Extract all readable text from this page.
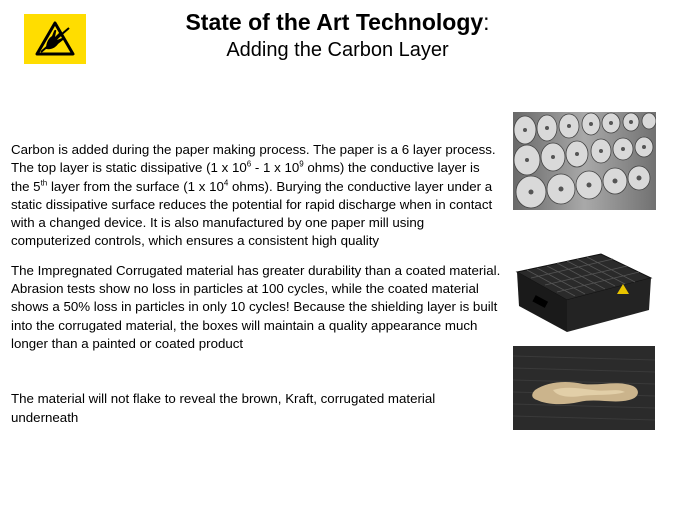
State of the Art Technology:
Adding the Carbon Layer

Carbon is added during the paper making process. The paper is a 6 layer process. The top layer is static dissipative (1 x $10^6 - 1$ x $10^9$ ohms) the conductive layer is the 5th layer from the surface (1 x $10^4$ ohms). Burying the conductive layer under a static dissipative surface reduces the potential for rapid discharge when in contact with a changed device. It is also manufactured by one paper mill using computerized controls, which ensures a consistent high quality

The Impregnated Corrugated material has greater durability than a coated material. Abrasion tests show no loss in particles at 100 cycles, while the coated material shows a 50% loss in particles in only 10 cycles! Because the shielding layer is built into the corrugated material, the boxes will maintain a quality appearance much longer than a painted or coated product

The material will not flake to reveal the brown, Kraft, corrugated material underneath
